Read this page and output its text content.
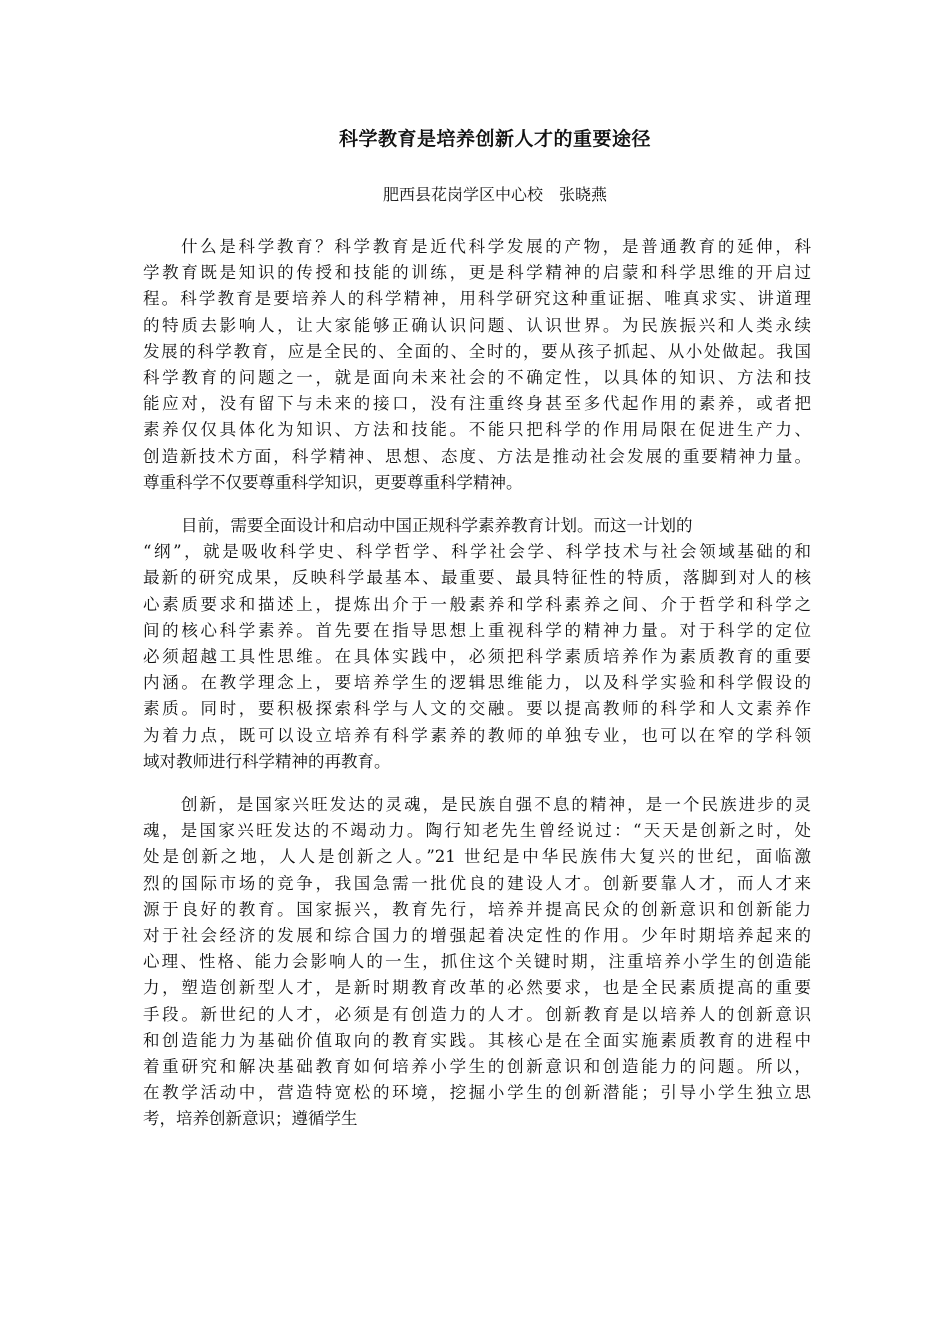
科学教育是培养创新人才的重要途径

肥西县花岗学区中心校　张晓燕

什么是科学教育？科学教育是近代科学发展的产物，是普通教育的延伸，科
学教育既是知识的传授和技能的训练，更是科学精神的启蒙和科学思维的开启过
程。科学教育是要培养人的科学精神，用科学研究这种重证据、唯真求实、讲道理
的特质去影响人，让大家能够正确认识问题、认识世界。为民族振兴和人类永续
发展的科学教育，应是全民的、全面的、全时的，要从孩子抓起、从小处做起。我国
科学教育的问题之一，就是面向未来社会的不确定性，以具体的知识、方法和技
能应对，没有留下与未来的接口，没有注重终身甚至多代起作用的素养，或者把
素养仅仅具体化为知识、方法和技能。不能只把科学的作用局限在促进生产力、
创造新技术方面，科学精神、思想、态度、方法是推动社会发展的重要精神力量。
尊重科学不仅要尊重科学知识，更要尊重科学精神。
目前，需要全面设计和启动中国正规科学素养教育计划。而这一计划的
“纲”，就是吸收科学史、科学哲学、科学社会学、科学技术与社会领域基础的和
最新的研究成果，反映科学最基本、最重要、最具特征性的特质，落脚到对人的核
心素质要求和描述上，提炼出介于一般素养和学科素养之间、介于哲学和科学之
间的核心科学素养。首先要在指导思想上重视科学的精神力量。对于科学的定位
必须超越工具性思维。在具体实践中，必须把科学素质培养作为素质教育的重要
内涵。在教学理念上，要培养学生的逻辑思维能力，以及科学实验和科学假设的
素质。同时，要积极探索科学与人文的交融。要以提高教师的科学和人文素养作
为着力点，既可以设立培养有科学素养的教师的单独专业，也可以在窄的学科领
域对教师进行科学精神的再教育。
创新，是国家兴旺发达的灵魂，是民族自强不息的精神，是一个民族进步的灵
魂，是国家兴旺发达的不竭动力。陶行知老先生曾经说过：“天天是创新之时，处
处是创新之地，人人是创新之人。”21 世纪是中华民族伟大复兴的世纪，面临激
烈的国际市场的竞争，我国急需一批优良的建设人才。创新要靠人才，而人才来
源于良好的教育。国家振兴，教育先行，培养并提高民众的创新意识和创新能力
对于社会经济的发展和综合国力的增强起着决定性的作用。少年时期培养起来的
心理、性格、能力会影响人的一生，抓住这个关键时期，注重培养小学生的创造能
力，塑造创新型人才，是新时期教育改革的必然要求，也是全民素质提高的重要
手段。新世纪的人才，必须是有创造力的人才。创新教育是以培养人的创新意识
和创造能力为基础价值取向的教育实践。其核心是在全面实施素质教育的进程中
着重研究和解决基础教育如何培养小学生的创新意识和创造能力的问题。所以，
在教学活动中，营造特宽松的环境，挖掘小学生的创新潜能；引导小学生独立思
考，培养创新意识；遵循学生
